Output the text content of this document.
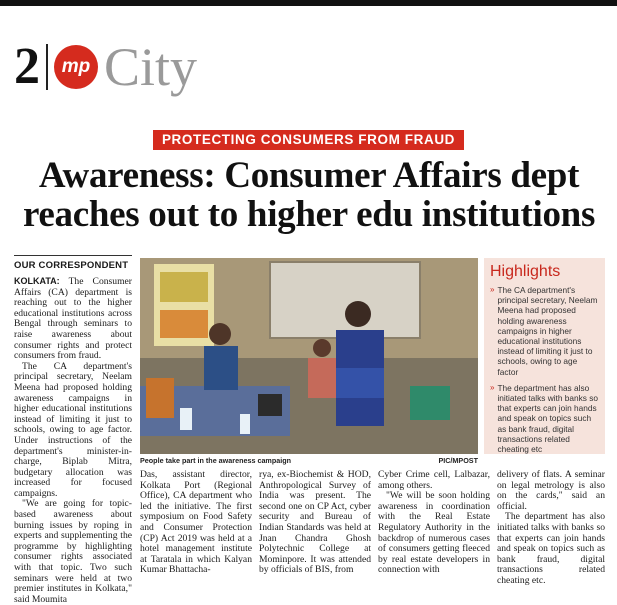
2	mp City
PROTECTING CONSUMERS FROM FRAUD
Awareness: Consumer Affairs dept
reaches out to higher edu institutions
OUR CORRESPONDENT

KOLKATA: The Consumer Affairs (CA) department is reaching out to the higher educational institutions across Bengal through seminars to raise awareness about consumer rights and protect consumers from fraud.

The CA department's principal secretary, Neelam Meena had proposed holding awareness campaigns in higher educational institutions instead of limiting it just to schools, owing to age factor. Under instructions of the department's minister-in-charge, Biplab Mitra, budgetary allocation was increased for focused campaigns.

"We are going for topic-based awareness about burning issues by roping in experts and supplementing the programme by highlighting consumer rights associated with that topic. Two such seminars were held at two premier institutes in Kolkata," said Moumita

People take part in the awareness campaign	PIC/MPOST
Highlights
» The CA department's principal secretary, Neelam Meena had proposed holding awareness campaigns in higher educational institutions instead of limiting it just to schools, owing to age factor
» The department has also initiated talks with banks so that experts can join hands and speak on topics such as bank fraud, digital transactions related cheating etc

Das, assistant director, Kolkata Port (Regional Office), CA department who led the initiative. The first symposium on Food Safety and Consumer Protection (CP) Act 2019 was held at a hotel management institute at Taratala in which Kalyan Kumar Bhattacha-

rya, ex-Biochemist & HOD, Anthropological Survey of India was present. The second one on CP Act, cyber security and Bureau of Indian Standards was held at Jnan Chandra Ghosh Polytechnic College at Mominpore. It was attended by officials of BIS, from

Cyber Crime cell, Lalbazar, among others.

"We will be soon holding awareness in coordination with the Real Estate Regulatory Authority in the backdrop of numerous cases of consumers getting fleeced by real estate developers in connection with

delivery of flats. A seminar on legal metrology is also on the cards," said an official.

The department has also initiated talks with banks so that experts can join hands and speak on topics such as bank fraud, digital transactions related cheating etc.
